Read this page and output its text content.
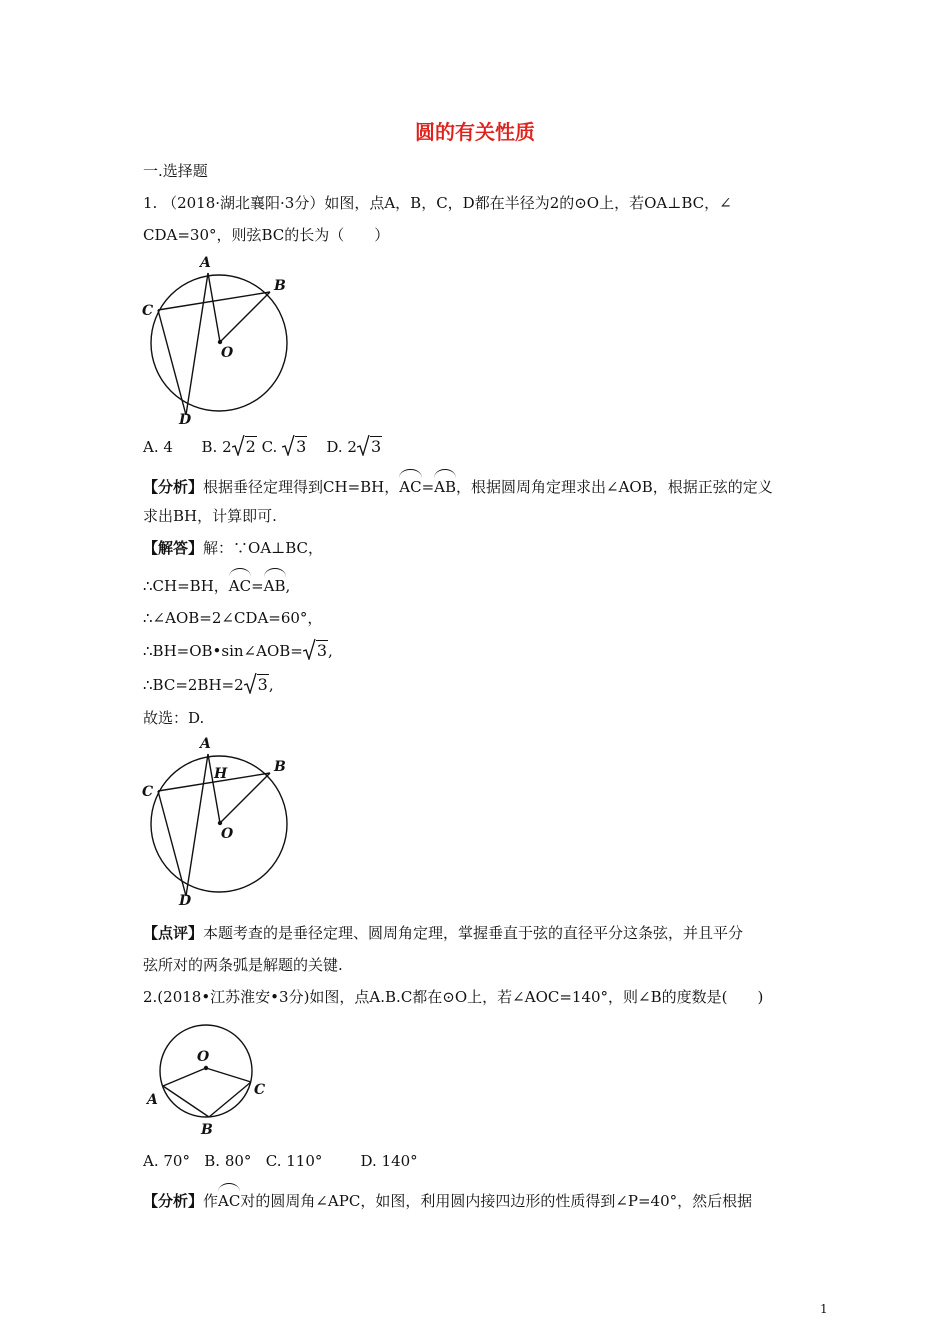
圆的有关性质
一.选择题
1. （2018·湖北襄阳·3分）如图，点A，B，C，D都在半径为2的⊙O上，若OA⊥BC，∠
CDA=30°，则弦BC的长为（　　）
A
B
C
O
D
A. 4 B. 2 2 C. 3 D. 2 3
【分析】根据垂径定理得到CH=BH，AC=AB，根据圆周角定理求出∠AOB，根据正弦的定义
求出BH，计算即可.
【解答】解：∵OA⊥BC，
∴CH=BH，AC=AB,
∴∠AOB=2∠CDA=60°，
∴BH=OB•sin∠AOB= 3,
∴BC=2BH=2 3,
故选：D.
A
B
C
H
O
D
【点评】本题考查的是垂径定理、圆周角定理，掌握垂直于弦的直径平分这条弦，并且平分
弦所对的两条弧是解题的关键.
2.(2018•江苏淮安•3分)如图，点A.B.C都在⊙O上，若∠AOC=140°，则∠B的度数是(　　)
O
A
B
C
A. 70° B. 80° C. 110°	D. 140°
【分析】作AC对的圆周角∠APC，如图，利用圆内接四边形的性质得到∠P=40°，然后根据
1
